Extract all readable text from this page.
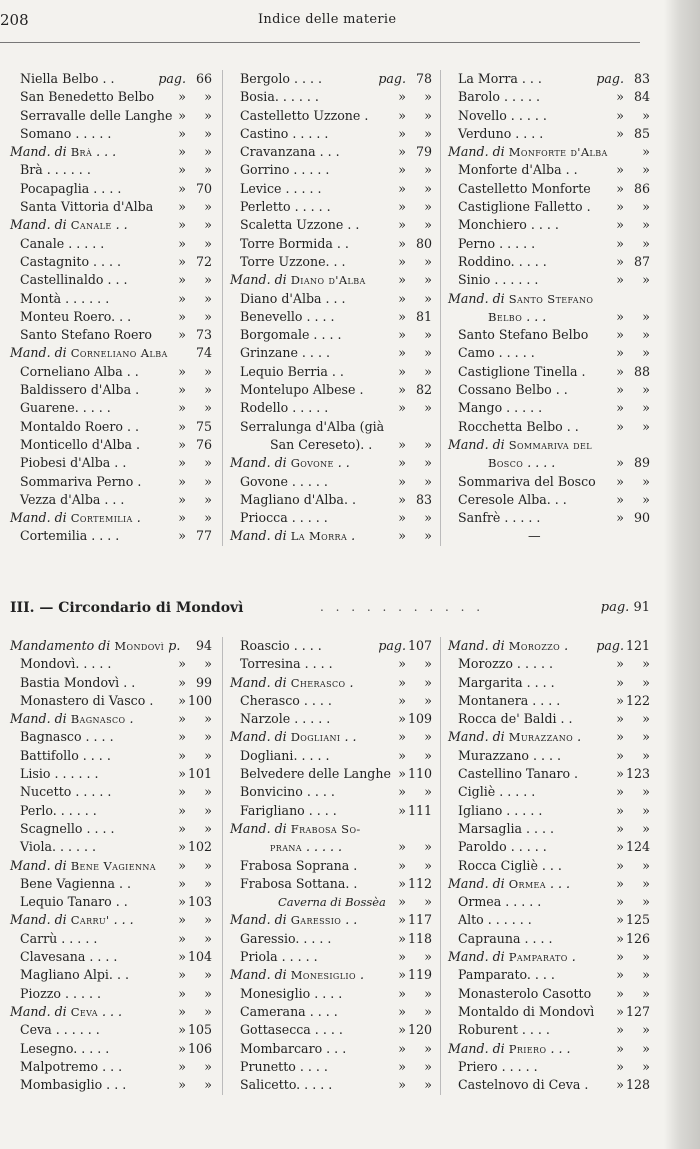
208	Indice delle materie
Niella Belbo . .	pag. 66
San Benedetto Belbo » »
Serravalle delle Langhe » »
Somano . . . . .	» »
Mand. di Brà . . .	» »
Brà . . . . . .	» »
Pocapaglia . . . .	» 70
Santa Vittoria d'Alba » »
Mand. di Canale . .	» »
Canale . . . . .	» »
Castagnito . . . .	» 72
Castellinaldo . . .	» »
Montà . . . . . .	» »
Monteu Roero. . .	» »
Santo Stefano Roero » 73
Mand. di Corneliano Alba 74
Corneliano Alba . .	» »
Baldissero d'Alba .	» »
Guarene. . . . .	» »
Montaldo Roero . .	» 75
Monticello d'Alba .	» 76
Piobesi d'Alba . .	» »
Sommariva Perno .	» »
Vezza d'Alba . . .	» »
Mand. di Cortemilia .	» »
Cortemilia . . . .	» 77
Bergolo . . . .	pag. 78
Bosia. . . . . .	» »
Castelletto Uzzone . » »
Castino . . . . .	» »
Cravanzana . . .	» 79
Gorrino . . . . .	» »
Levice . . . . .	» »
Perletto . . . . .	» »
Scaletta Uzzone . .	» »
Torre Bormida . .	» 80
Torre Uzzone. . .	» »
Mand. di Diano d'Alba	» »
Diano d'Alba . . .	» »
Benevello . . . .	» 81
Borgomale . . . .	» »
Grinzane . . . .	» »
Lequio Berria . .	» »
Montelupo Albese .	» 82
Rodello . . . . .	» »
Serralunga d'Alba (già
San Cereseto). . » »
Mand. di Govone . .	» »
Govone . . . . .	» »
Magliano d'Alba. .	» 83
Priocca . . . . .	» »
Mand. di La Morra .	» »
La Morra . . .	pag. 83
Barolo . . . . .	» 84
Novello . . . . .	» »
Verduno . . . .	» 85
Mand. di Monforte d'Alba	»
Monforte d'Alba . .	» »
Castelletto Monforte » 86
Castiglione Falletto . » »
Monchiero . . . .	» »
Perno . . . . .	» »
Roddino. . . . .	» 87
Sinio . . . . . .	» »
Mand. di Santo Stefano
Belbo . . .	» »
Santo Stefano Belbo » »
Camo . . . . .	» »
Castiglione Tinella . » 88
Cossano Belbo . .	» »
Mango . . . . .	» »
Rocchetta Belbo . .	» »
Mand. di Sommariva del
Bosco . . . .	» 89
Sommariva del Bosco » »
Ceresole Alba. . .	» »
Sanfrè . . . . .	» 90
—
III. — Circondario di Mondovì	. . . . . . . . . . .	pag. 91
Mandamento di Mondovì p. 94
Mondovì. . . . .	» »
Bastia Mondovì . .	» 99
Monastero di Vasco . » 100
Mand. di Bagnasco .	» »
Bagnasco . . . .	» »
Battifollo . . . .	» »
Lisio . . . . . .	» 101
Nucetto . . . . .	» »
Perlo. . . . . .	» »
Scagnello . . . .	» »
Viola. . . . . .	» 102
Mand. di Bene Vagienna » »
Bene Vagienna . .	» »
Lequio Tanaro . .	» 103
Mand. di Carru' . . .	» »
Carrù . . . . .	» »
Clavesana . . . .	» 104
Magliano Alpi. . .	» »
Piozzo . . . . .	» »
Mand. di Ceva . . .	» »
Ceva . . . . . .	» 105
Lesegno. . . . .	» 106
Malpotremo . . .	» »
Mombasiglio . . .	» »
Roascio . . . .	pag. 107
Torresina . . . .	» »
Mand. di Cherasco .	» »
Cherasco . . . .	» »
Narzole . . . . .	» 109
Mand. di Dogliani . .	» »
Dogliani. . . . .	» »
Belvedere delle Langhe » 110
Bonvicino . . . .	» »
Farigliano . . . .	» 111
Mand. di Frabosa So-
prana . . . . .	» »
Frabosa Soprana .	» »
Frabosa Sottana. .	» 112
Caverna di Bossèa » »
Mand. di Garessio . .	» 117
Garessio. . . . .	» 118
Priola . . . . .	» »
Mand. di Monesiglio .	» 119
Monesiglio . . . .	» »
Camerana . . . .	» »
Gottasecca . . . .	» 120
Mombarcaro . . .	» »
Prunetto . . . .	» »
Salicetto. . . . .	» »
Mand. di Morozzo . pag. 121
Morozzo . . . . .	» »
Margarita . . . .	» »
Montanera . . . .	» 122
Rocca de' Baldi . .	» »
Mand. di Murazzano .	» »
Murazzano . . . .	» »
Castellino Tanaro .	» 123
Cigliè . . . . .	» »
Igliano . . . . .	» »
Marsaglia . . . .	» »
Paroldo . . . . .	» 124
Rocca Cigliè . . .	» »
Mand. di Ormea . . .	» »
Ormea . . . . .	» »
Alto . . . . . .	» 125
Caprauna . . . .	» 126
Mand. di Pamparato .	» »
Pamparato. . . .	» »
Monasterolo Casotto » »
Montaldo di Mondovì » 127
Roburent . . . .	» »
Mand. di Priero . . .	» »
Priero . . . . .	» »
Castelnovo di Ceva . » 128
